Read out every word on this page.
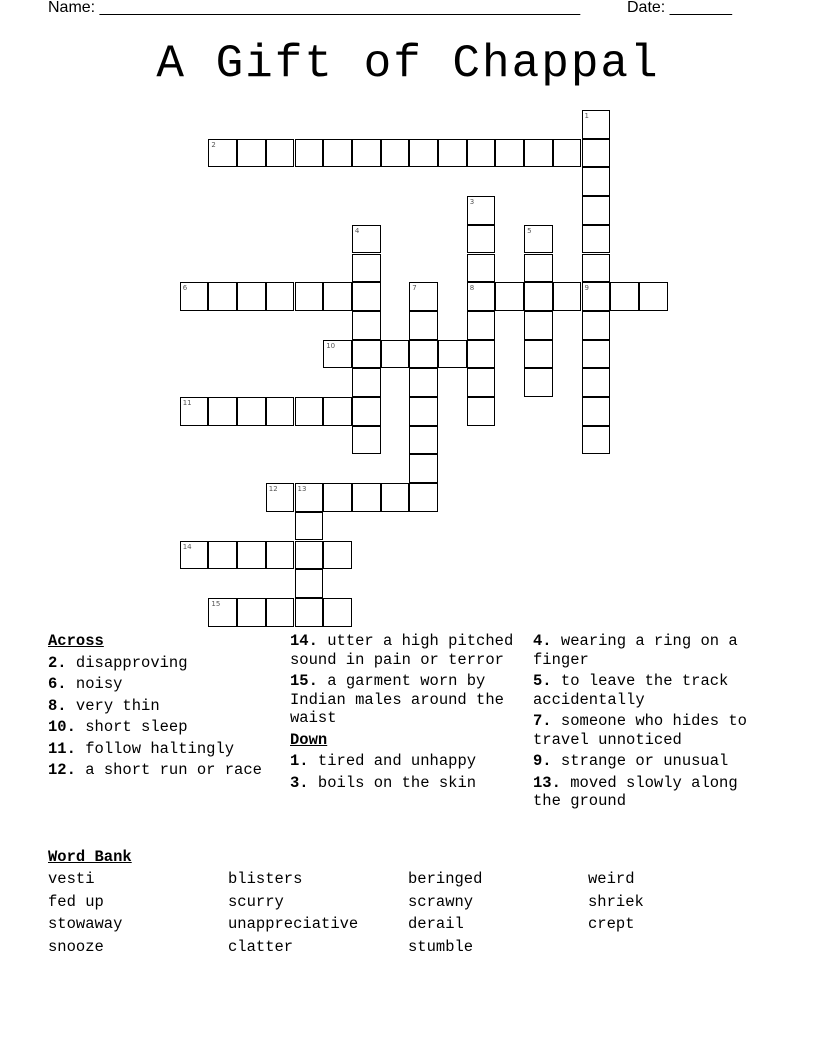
Name: ______________________________________________________	Date: _______
A Gift of Chappal
2
6	8	9
10
11
12	13
14
15
1
3
4	5
7
Across
2. disapproving
6. noisy
8. very thin
10. short sleep
11. follow haltingly
12. a short run or race
14. utter a high pitched sound in pain or terror
15. a garment worn by Indian males around the waist
Down
1. tired and unhappy
3. boils on the skin
4. wearing a ring on a finger
5. to leave the track accidentally
7. someone who hides to travel unnoticed
9. strange or unusual
13. moved slowly along the ground
Word Bank
vesti	blisters	beringed	weird
fed up	scurry	scrawny	shriek
stowaway	unappreciative	derail	crept
snooze	clatter	stumble
